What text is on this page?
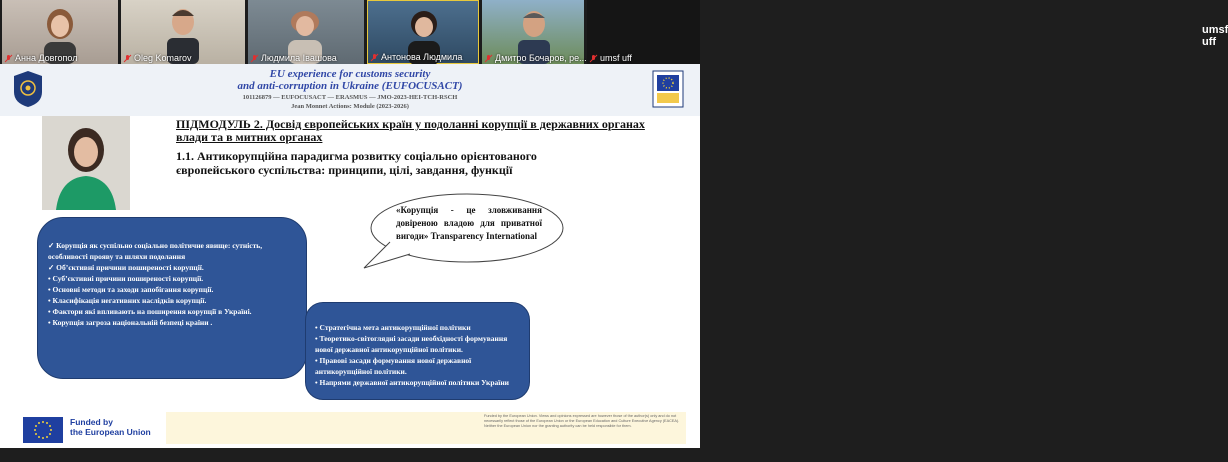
Анна Довгопол	Oleg Komarov	Людмила Івашова	Антонова Людмила	Дмитро Бочаров, ре...
umsf uff
umsf uff
EU experience for customs security
and anti-corruption in Ukraine (EUFOCUSACT)
101126879 — EUFOCUSACT — ERASMUS — JMO-2023-HEI-TCH-RSCH
Jean Monnet Actions: Module (2023-2026)
ПІДМОДУЛЬ 2. Досвід європейських країн у подоланні корупції в державних органах влади та в митних органах
1.1. Антикорупційна парадигма розвитку соціально орієнтованого європейського суспільства: принципи, цілі, завдання, функції
«Корупція - це зловживання довіреною владою для приватної вигоди» Transparency International
✓ Корупція як суспільно соціально політичне явище: сутність, особливості прояву та шляхи подолання
✓ Об’єктивні причини поширеності корупції.
• Суб’єктивні причини поширеності корупції.
• Основні методи та заходи запобігання корупції.
• Класифікація негативних наслідків корупції.
• Фактори які впливають на поширення корупції в Україні.
• Корупція загроза національній безпеці країни .
• Стратегічна мета антикорупційної політики
• Теоретико-світоглядні засади необхідності формування нової державної антикорупційної політики.
• Правові засади формування нової державної антикорупційної політики.
• Напрями державної антикорупційної політики України
Funded by
the European Union
Funded by the European Union. Views and opinions expressed are however those of the author(s) only and do not necessarily reflect those of the European Union or the European Education and Culture Executive Agency (EACEA). Neither the European Union nor the granting authority can be held responsible for them.
